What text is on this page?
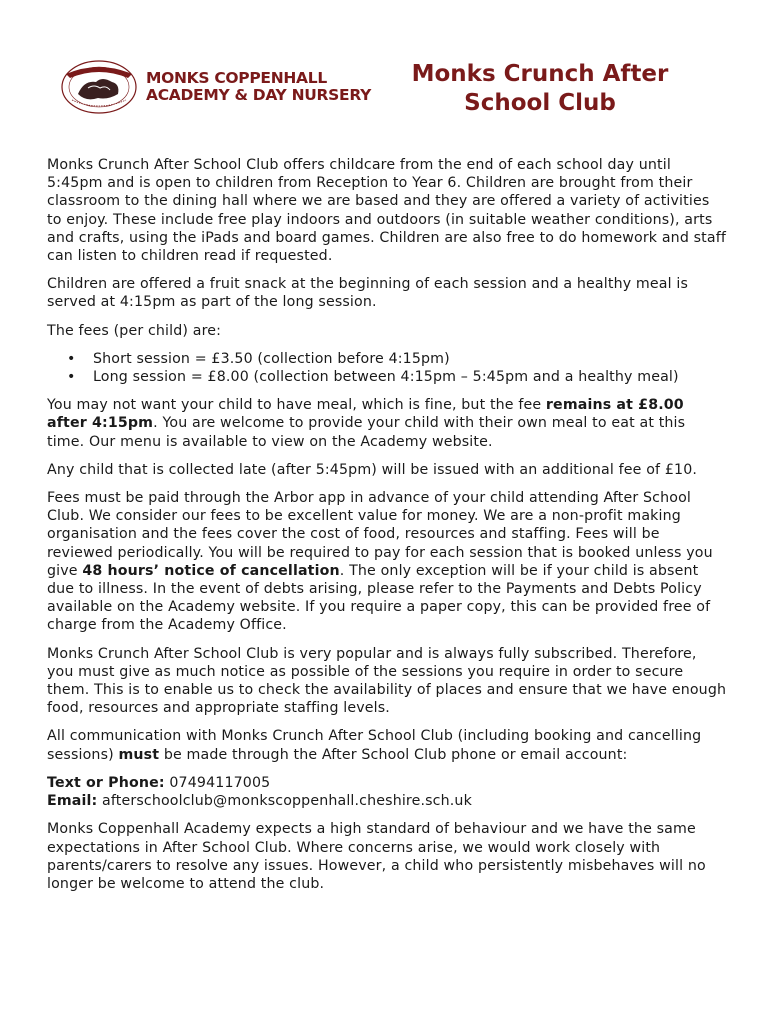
MONKS COPPENHALL
ACADEMY & DAY NURSERY
Monks Crunch After
School Club

Monks Crunch After School Club offers childcare from the end of each school day until 5:45pm and is open to children from Reception to Year 6. Children are brought from their classroom to the dining hall where we are based and they are offered a variety of activities to enjoy. These include free play indoors and outdoors (in suitable weather conditions), arts and crafts, using the iPads and board games. Children are also free to do homework and staff can listen to children read if requested.

Children are offered a fruit snack at the beginning of each session and a healthy meal is served at 4:15pm as part of the long session.

The fees (per child) are:

• Short session = £3.50 (collection before 4:15pm)
• Long session = £8.00 (collection between 4:15pm – 5:45pm and a healthy meal)

You may not want your child to have meal, which is fine, but the fee remains at £8.00 after 4:15pm. You are welcome to provide your child with their own meal to eat at this time. Our menu is available to view on the Academy website.

Any child that is collected late (after 5:45pm) will be issued with an additional fee of £10.

Fees must be paid through the Arbor app in advance of your child attending After School Club. We consider our fees to be excellent value for money. We are a non-profit making organisation and the fees cover the cost of food, resources and staffing. Fees will be reviewed periodically. You will be required to pay for each session that is booked unless you give 48 hours’ notice of cancellation. The only exception will be if your child is absent due to illness. In the event of debts arising, please refer to the Payments and Debts Policy available on the Academy website. If you require a paper copy, this can be provided free of charge from the Academy Office.

Monks Crunch After School Club is very popular and is always fully subscribed. Therefore, you must give as much notice as possible of the sessions you require in order to secure them. This is to enable us to check the availability of places and ensure that we have enough food, resources and appropriate staffing levels.

All communication with Monks Crunch After School Club (including booking and cancelling sessions) must be made through the After School Club phone or email account:

Text or Phone: 07494117005
Email: afterschoolclub@monkscoppenhall.cheshire.sch.uk

Monks Coppenhall Academy expects a high standard of behaviour and we have the same expectations in After School Club. Where concerns arise, we would work closely with parents/carers to resolve any issues. However, a child who persistently misbehaves will no longer be welcome to attend the club.
